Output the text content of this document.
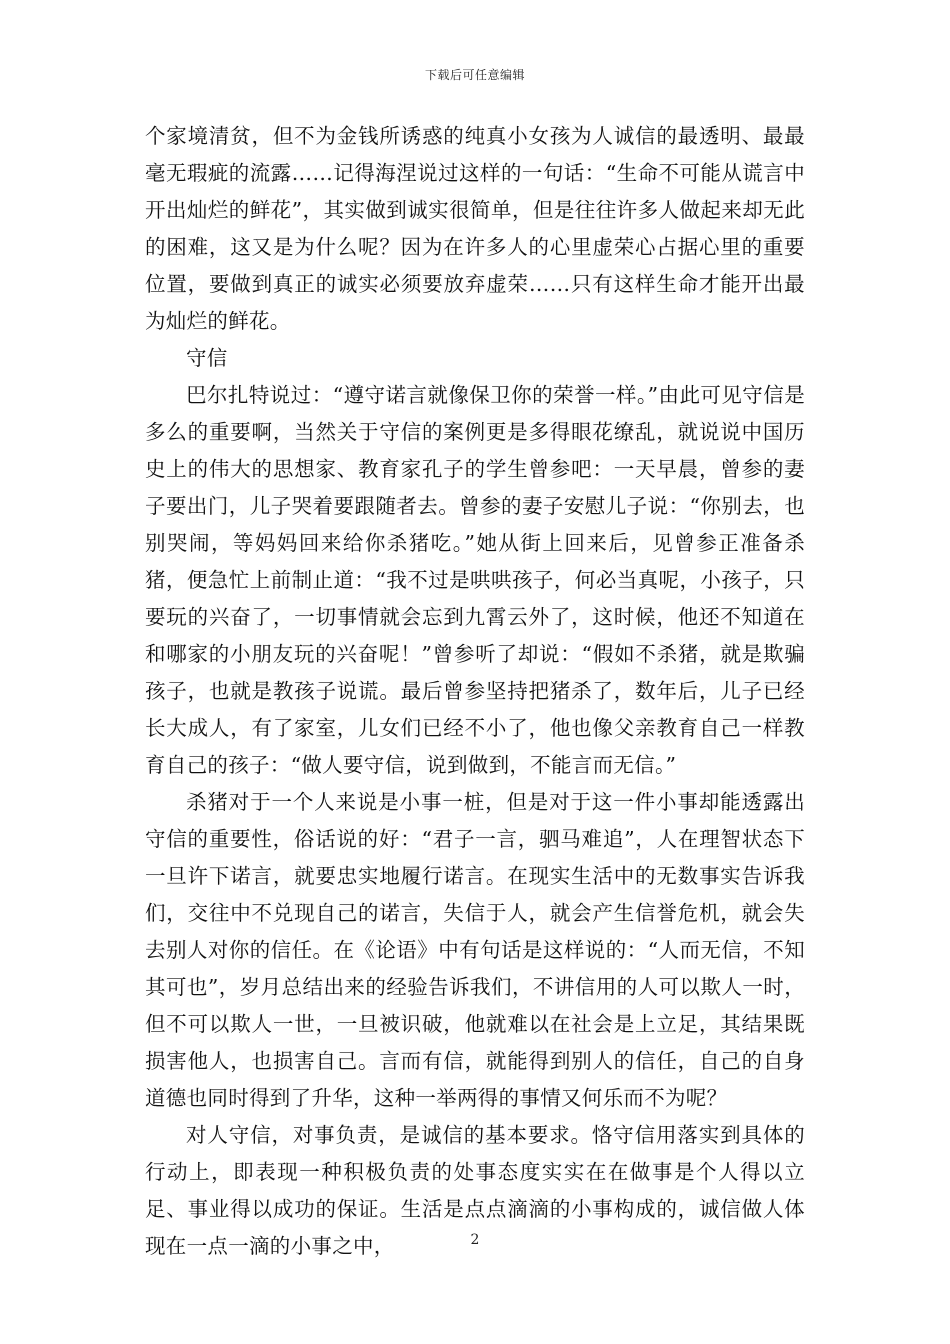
下载后可任意编辑

个家境清贫，但不为金钱所诱惑的纯真小女孩为人诚信的最透明、最最毫无瑕疵的流露……记得海涅说过这样的一句话：“生命不可能从谎言中开出灿烂的鲜花”，其实做到诚实很简单，但是往往许多人做起来却无此的困难，这又是为什么呢？因为在许多人的心里虚荣心占据心里的重要位置，要做到真正的诚实必须要放弃虚荣……只有这样生命才能开出最为灿烂的鲜花。

守信

巴尔扎特说过：“遵守诺言就像保卫你的荣誉一样。”由此可见守信是多么的重要啊，当然关于守信的案例更是多得眼花缭乱，就说说中国历史上的伟大的思想家、教育家孔子的学生曾参吧：一天早晨，曾参的妻子要出门，儿子哭着要跟随者去。曾参的妻子安慰儿子说：“你别去，也别哭闹，等妈妈回来给你杀猪吃。”她从街上回来后，见曾参正准备杀猪，便急忙上前制止道：“我不过是哄哄孩子，何必当真呢，小孩子，只要玩的兴奋了，一切事情就会忘到九霄云外了，这时候，他还不知道在和哪家的小朋友玩的兴奋呢！”曾参听了却说：“假如不杀猪，就是欺骗孩子，也就是教孩子说谎。最后曾参坚持把猪杀了，数年后，儿子已经长大成人，有了家室，儿女们已经不小了，他也像父亲教育自己一样教育自己的孩子：“做人要守信，说到做到，不能言而无信。”

杀猪对于一个人来说是小事一桩，但是对于这一件小事却能透露出守信的重要性，俗话说的好：“君子一言，驷马难追”，人在理智状态下一旦许下诺言，就要忠实地履行诺言。在现实生活中的无数事实告诉我们，交往中不兑现自己的诺言，失信于人，就会产生信誉危机，就会失去别人对你的信任。在《论语》中有句话是这样说的：“人而无信，不知其可也”，岁月总结出来的经验告诉我们，不讲信用的人可以欺人一时，但不可以欺人一世，一旦被识破，他就难以在社会是上立足，其结果既损害他人，也损害自己。言而有信，就能得到别人的信任，自己的自身道德也同时得到了升华，这种一举两得的事情又何乐而不为呢？

对人守信，对事负责，是诚信的基本要求。恪守信用落实到具体的行动上，即表现一种积极负责的处事态度实实在在做事是个人得以立足、事业得以成功的保证。生活是点点滴滴的小事构成的，诚信做人体现在一点一滴的小事之中，	2
